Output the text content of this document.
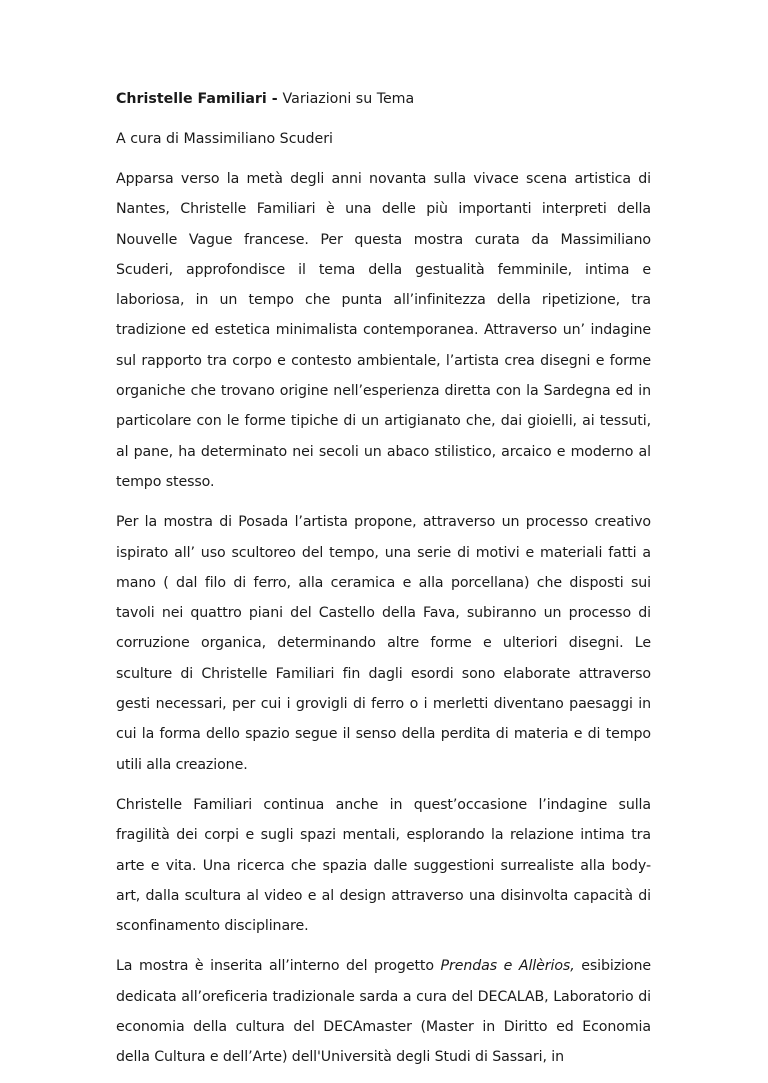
Christelle Familiari - Variazioni su Tema
A cura di Massimiliano Scuderi

Apparsa verso la metà degli anni novanta sulla vivace scena artistica di Nantes, Christelle Familiari è una delle più importanti interpreti della Nouvelle Vague francese. Per questa mostra curata da Massimiliano Scuderi, approfondisce il tema della gestualità femminile, intima e laboriosa, in un tempo che punta all’infinitezza della ripetizione, tra tradizione ed estetica minimalista contemporanea. Attraverso un’ indagine sul rapporto tra corpo e contesto ambientale, l’artista crea disegni e forme organiche che trovano origine nell’esperienza diretta con la Sardegna ed in particolare con le forme tipiche di un artigianato che, dai gioielli, ai tessuti, al pane, ha determinato nei secoli un abaco stilistico, arcaico e moderno al tempo stesso.

Per la mostra di Posada l’artista propone, attraverso un processo creativo ispirato all’ uso scultoreo del tempo, una serie di motivi e materiali fatti a mano ( dal filo di ferro, alla ceramica e alla porcellana) che disposti sui tavoli nei quattro piani del Castello della Fava, subiranno un processo di corruzione organica, determinando altre forme e ulteriori disegni. Le sculture di Christelle Familiari fin dagli esordi sono elaborate attraverso gesti necessari, per cui i grovigli di ferro o i merletti diventano paesaggi in cui la forma dello spazio segue il senso della perdita di materia e di tempo utili alla creazione.

Christelle Familiari continua anche in quest’occasione l’indagine sulla fragilità dei corpi e sugli spazi mentali, esplorando la relazione intima tra arte e vita. Una ricerca che spazia dalle suggestioni surrealiste alla body-art, dalla scultura al video e al design attraverso una disinvolta capacità di sconfinamento disciplinare.

La mostra è inserita all’interno del progetto Prendas e Allèrios, esibizione dedicata all’oreficeria tradizionale sarda a cura del DECALAB, Laboratorio di economia della cultura del DECAmaster (Master in Diritto ed Economia della Cultura e dell’Arte) dell'Università degli Studi di Sassari, in
